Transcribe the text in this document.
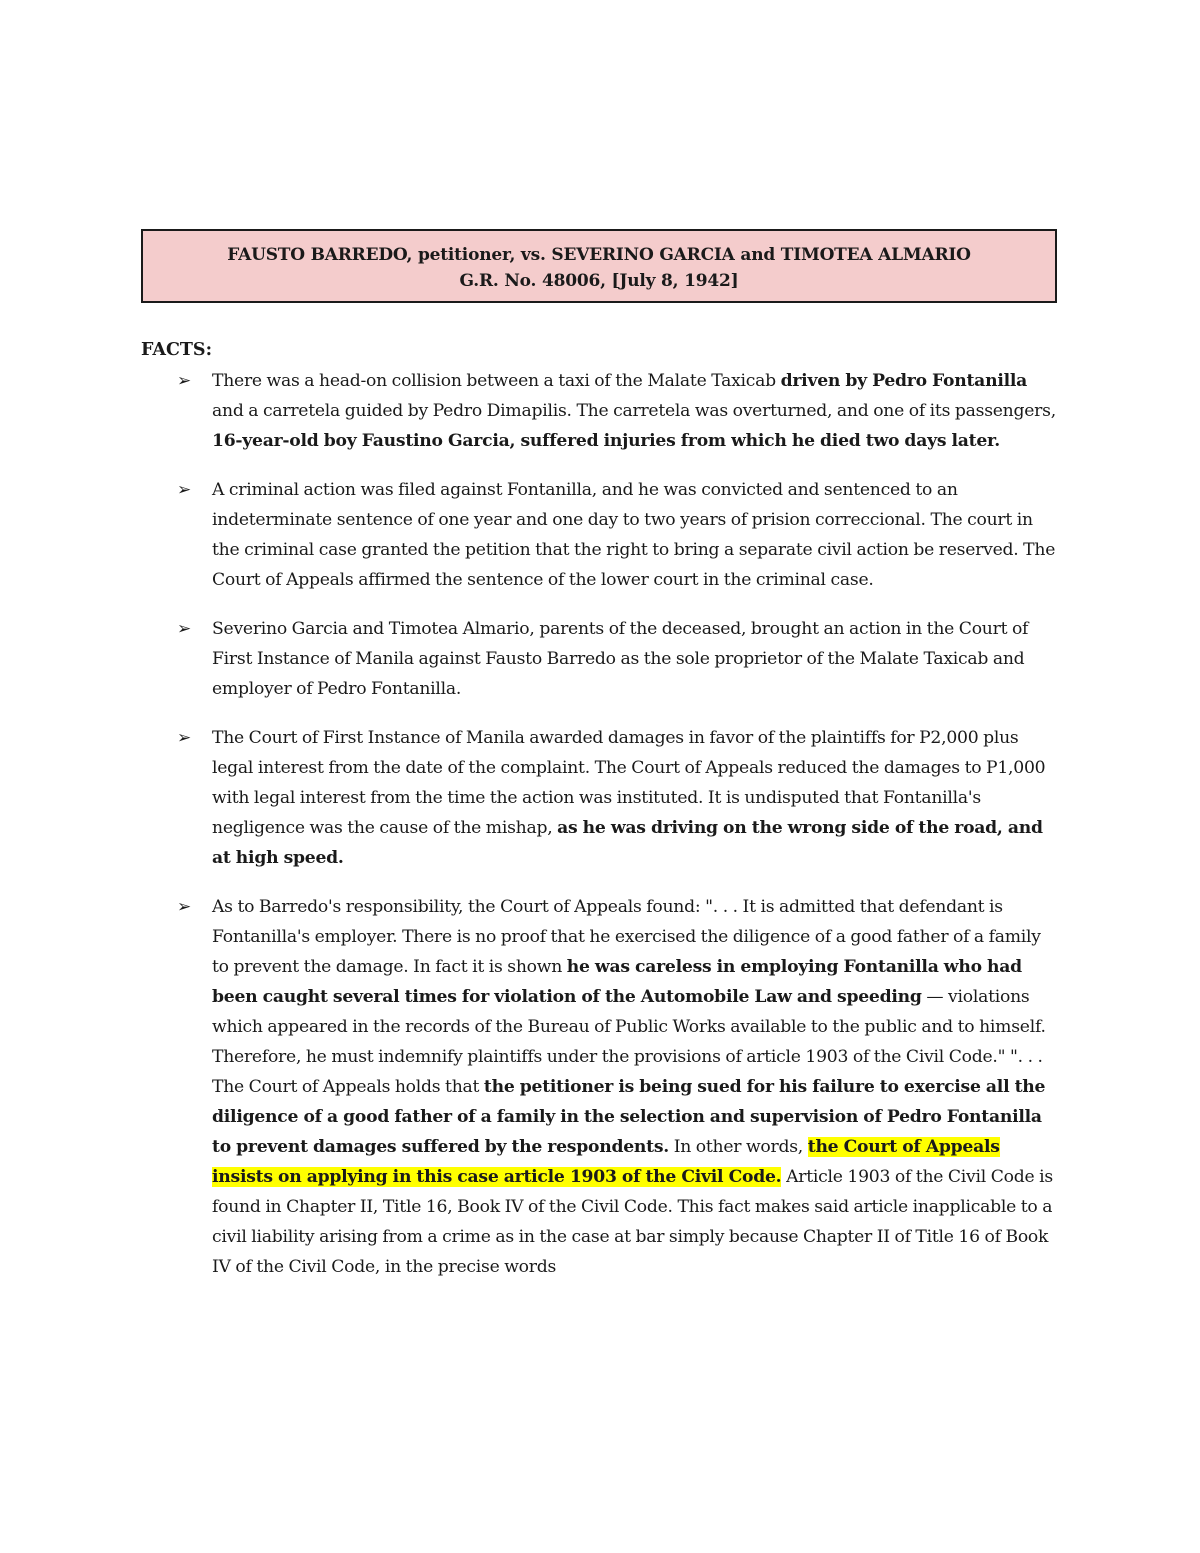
FAUSTO BARREDO, petitioner, vs. SEVERINO GARCIA and TIMOTEA ALMARIO
G.R. No. 48006, [July 8, 1942]
FACTS:
➢ There was a head-on collision between a taxi of the Malate Taxicab driven by Pedro Fontanilla and a carretela guided by Pedro Dimapilis. The carretela was overturned, and one of its passengers, 16-year-old boy Faustino Garcia, suffered injuries from which he died two days later.
➢ A criminal action was filed against Fontanilla, and he was convicted and sentenced to an indeterminate sentence of one year and one day to two years of prision correccional. The court in the criminal case granted the petition that the right to bring a separate civil action be reserved. The Court of Appeals affirmed the sentence of the lower court in the criminal case.
➢ Severino Garcia and Timotea Almario, parents of the deceased, brought an action in the Court of First Instance of Manila against Fausto Barredo as the sole proprietor of the Malate Taxicab and employer of Pedro Fontanilla.
➢ The Court of First Instance of Manila awarded damages in favor of the plaintiffs for P2,000 plus legal interest from the date of the complaint. The Court of Appeals reduced the damages to P1,000 with legal interest from the time the action was instituted. It is undisputed that Fontanilla's negligence was the cause of the mishap, as he was driving on the wrong side of the road, and at high speed.
➢ As to Barredo's responsibility, the Court of Appeals found: ". . . It is admitted that defendant is Fontanilla's employer. There is no proof that he exercised the diligence of a good father of a family to prevent the damage. In fact it is shown he was careless in employing Fontanilla who had been caught several times for violation of the Automobile Law and speeding — violations which appeared in the records of the Bureau of Public Works available to the public and to himself. Therefore, he must indemnify plaintiffs under the provisions of article 1903 of the Civil Code." ". . . The Court of Appeals holds that the petitioner is being sued for his failure to exercise all the diligence of a good father of a family in the selection and supervision of Pedro Fontanilla to prevent damages suffered by the respondents. In other words, the Court of Appeals insists on applying in this case article 1903 of the Civil Code. Article 1903 of the Civil Code is found in Chapter II, Title 16, Book IV of the Civil Code. This fact makes said article inapplicable to a civil liability arising from a crime as in the case at bar simply because Chapter II of Title 16 of Book IV of the Civil Code, in the precise words
